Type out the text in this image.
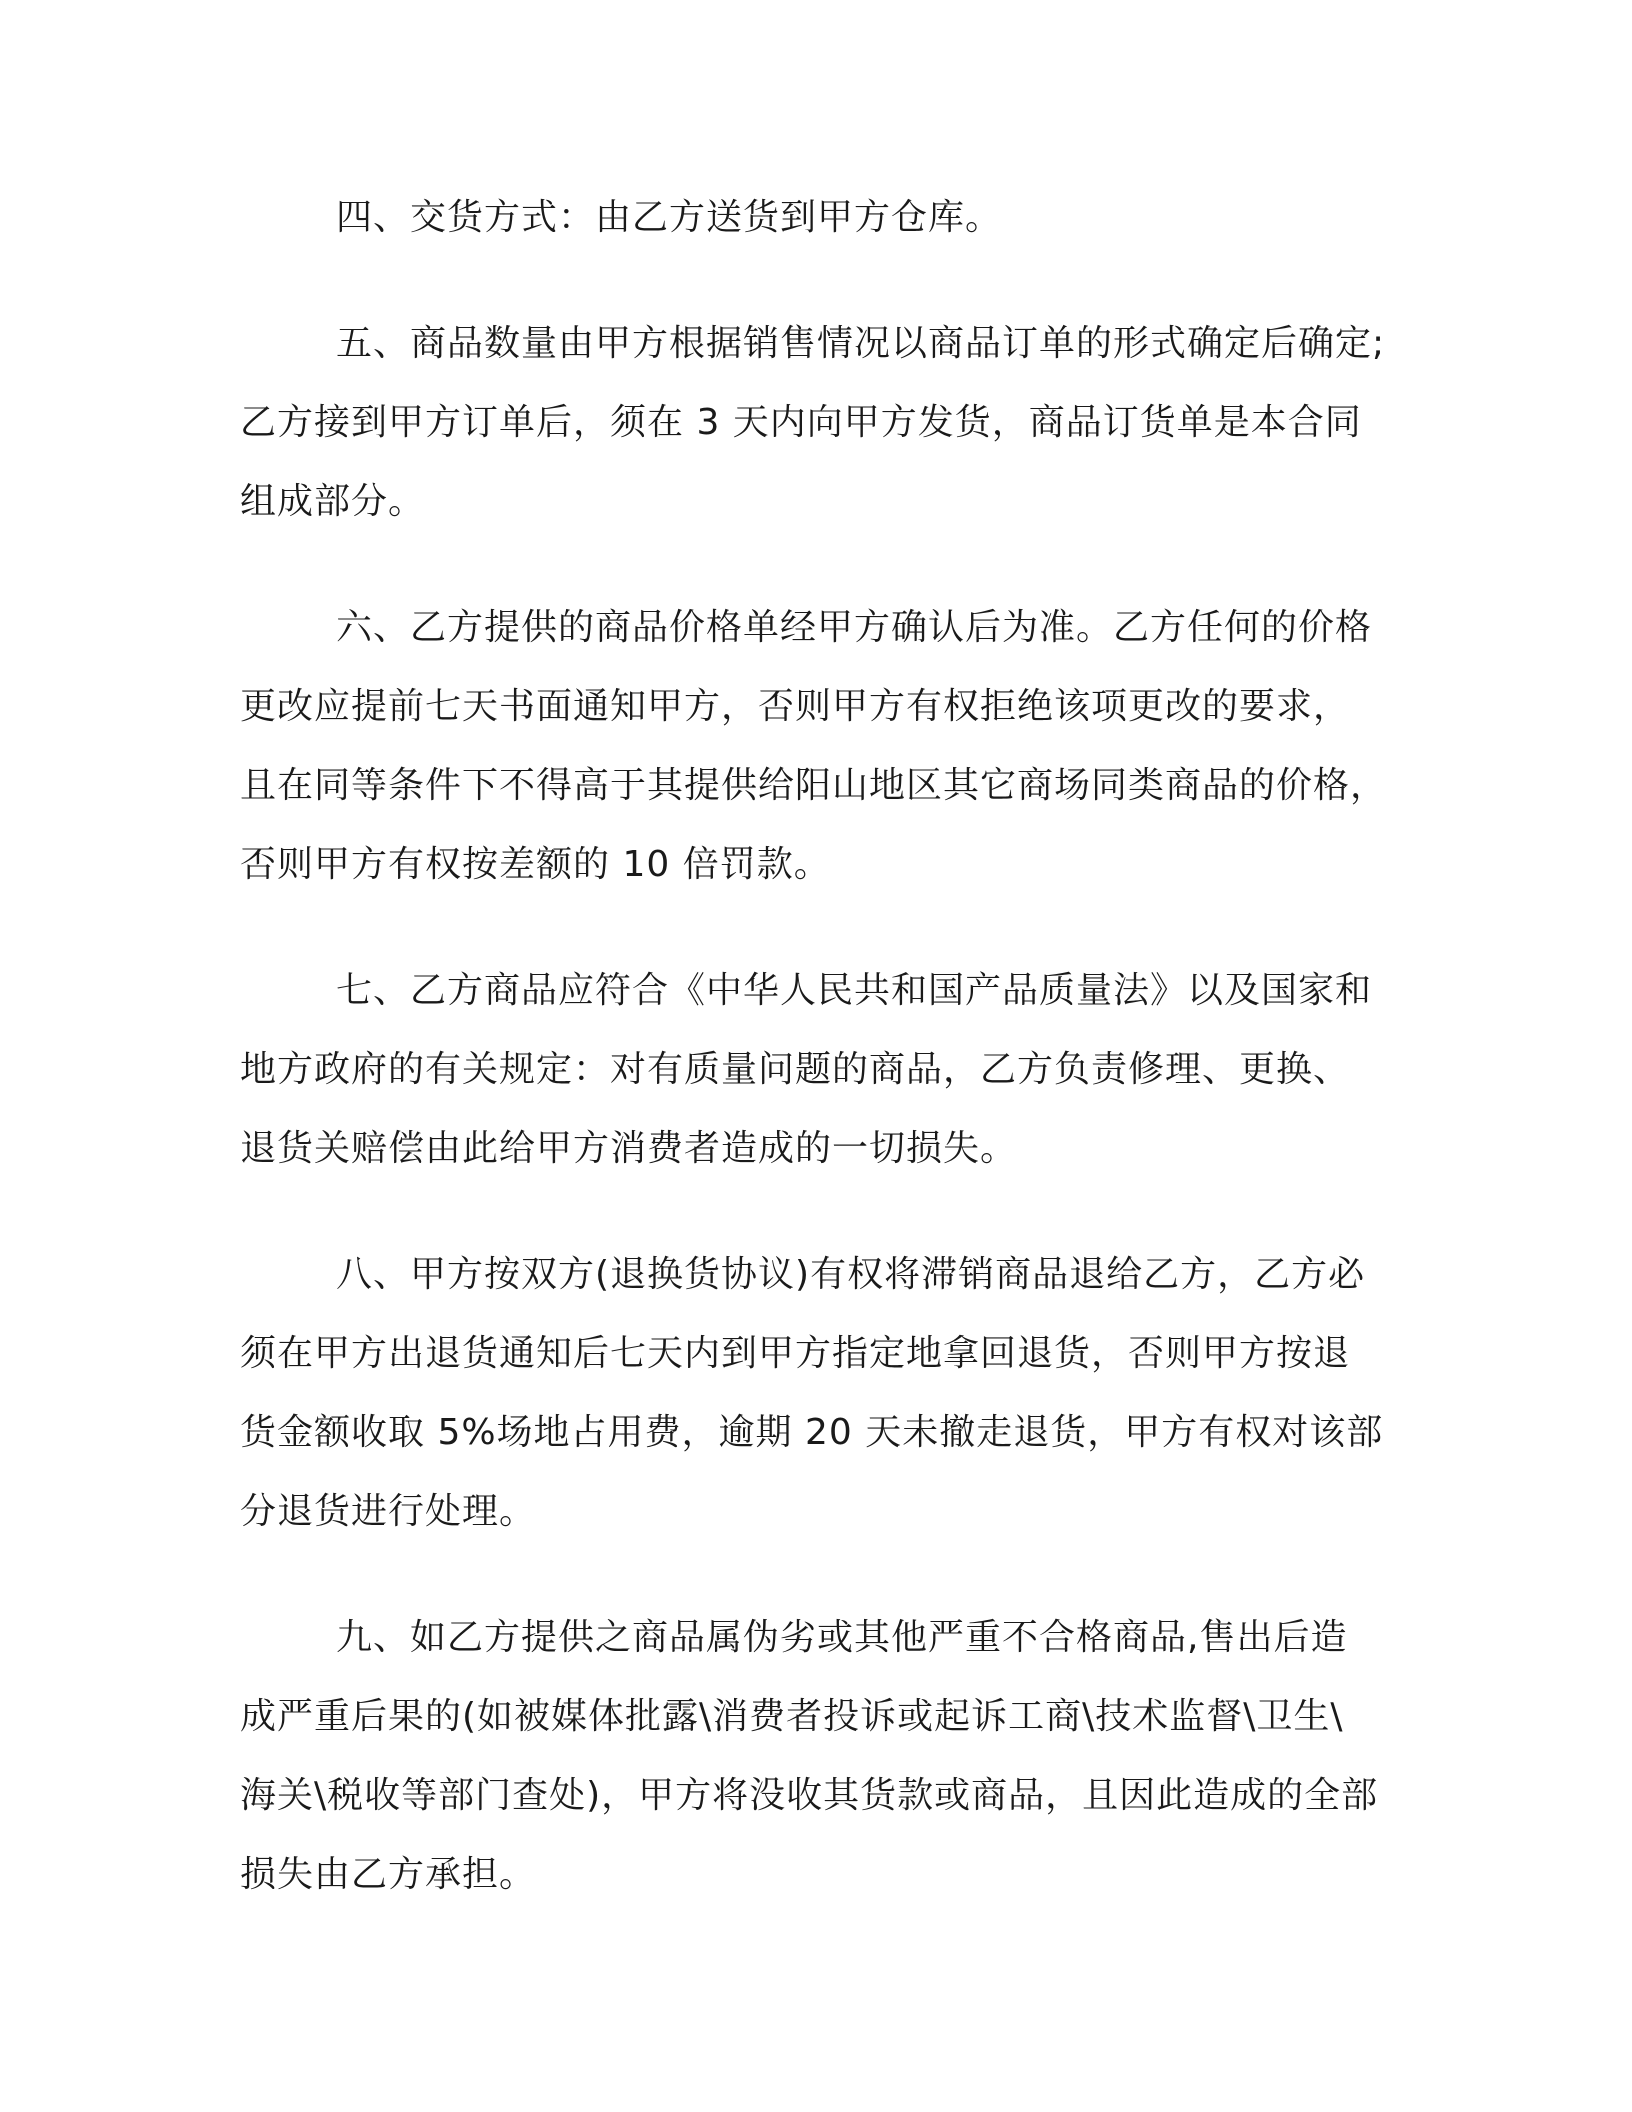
四、交货方式：由乙方送货到甲方仓库。

五、商品数量由甲方根据销售情况以商品订单的形式确定后确定;
乙方接到甲方订单后，须在 3 天内向甲方发货，商品订货单是本合同
组成部分。

六、乙方提供的商品价格单经甲方确认后为准。乙方任何的价格
更改应提前七天书面通知甲方，否则甲方有权拒绝该项更改的要求，
且在同等条件下不得高于其提供给阳山地区其它商场同类商品的价格，
否则甲方有权按差额的 10 倍罚款。

七、乙方商品应符合《中华人民共和国产品质量法》以及国家和
地方政府的有关规定：对有质量问题的商品，乙方负责修理、更换、
退货关赔偿由此给甲方消费者造成的一切损失。

八、甲方按双方(退换货协议)有权将滞销商品退给乙方，乙方必
须在甲方出退货通知后七天内到甲方指定地拿回退货，否则甲方按退
货金额收取 5%场地占用费，逾期 20 天未撤走退货，甲方有权对该部
分退货进行处理。

九、如乙方提供之商品属伪劣或其他严重不合格商品,售出后造
成严重后果的(如被媒体批露\消费者投诉或起诉工商\技术监督\卫生\
海关\税收等部门查处)，甲方将没收其货款或商品，且因此造成的全部
损失由乙方承担。
